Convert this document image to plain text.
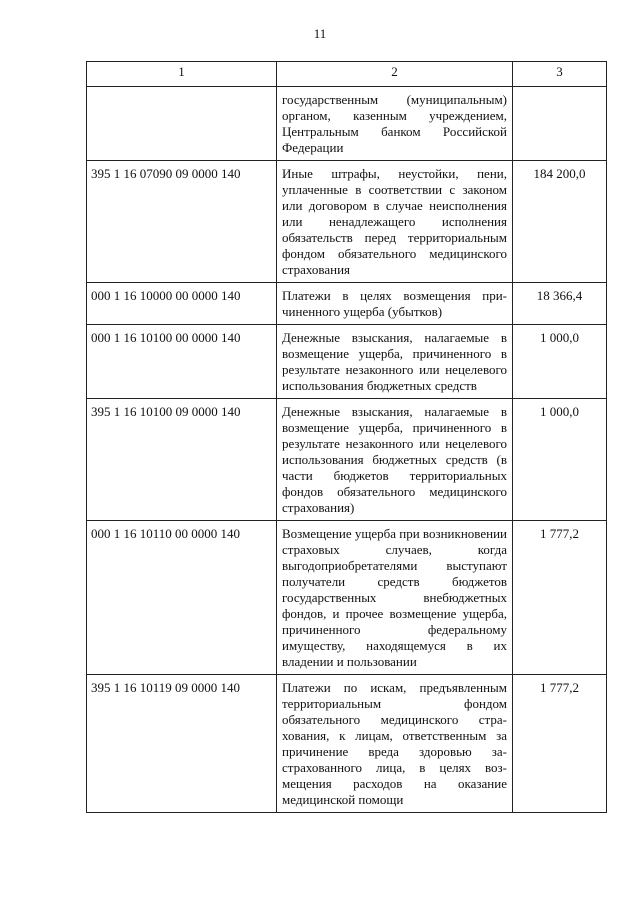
11
1	2	3
	государственным (муниципальным) органом, казенным учреждением, Центральным банком Российской Федерации	
395 1 16 07090 09 0000 140	Иные штрафы, неустойки, пени, уплаченные в соответствии с законом или договором в случае неисполнения или ненадлежащего исполнения обязательств перед территориальным фондом обязательного медицинского страхования	184 200,0
000 1 16 10000 00 0000 140	Платежи в целях возмещения причиненного ущерба (убытков)	18 366,4
000 1 16 10100 00 0000 140	Денежные взыскания, налагаемые в возмещение ущерба, причиненного в результате незаконного или нецелевого использования бюджетных средств	1 000,0
395 1 16 10100 09 0000 140	Денежные взыскания, налагаемые в возмещение ущерба, причиненного в результате незаконного или нецелевого использования бюджетных средств (в части бюджетов территориальных фондов обязательного медицинского страхования)	1 000,0
000 1 16 10110 00 0000 140	Возмещение ущерба при возникновении страховых случаев, когда выгодоприобретателями выступают получатели средств бюджетов государственных внебюджетных фондов, и прочее возмещение ущерба, причиненного федеральному имуществу, находящемуся в их владении и пользовании	1 777,2
395 1 16 10119 09 0000 140	Платежи по искам, предъявленным территориальным фондом обязательного медицинского страхования, к лицам, ответственным за причинение вреда здоровью застрахованного лица, в целях возмещения расходов на оказание медицинской помощи	1 777,2
